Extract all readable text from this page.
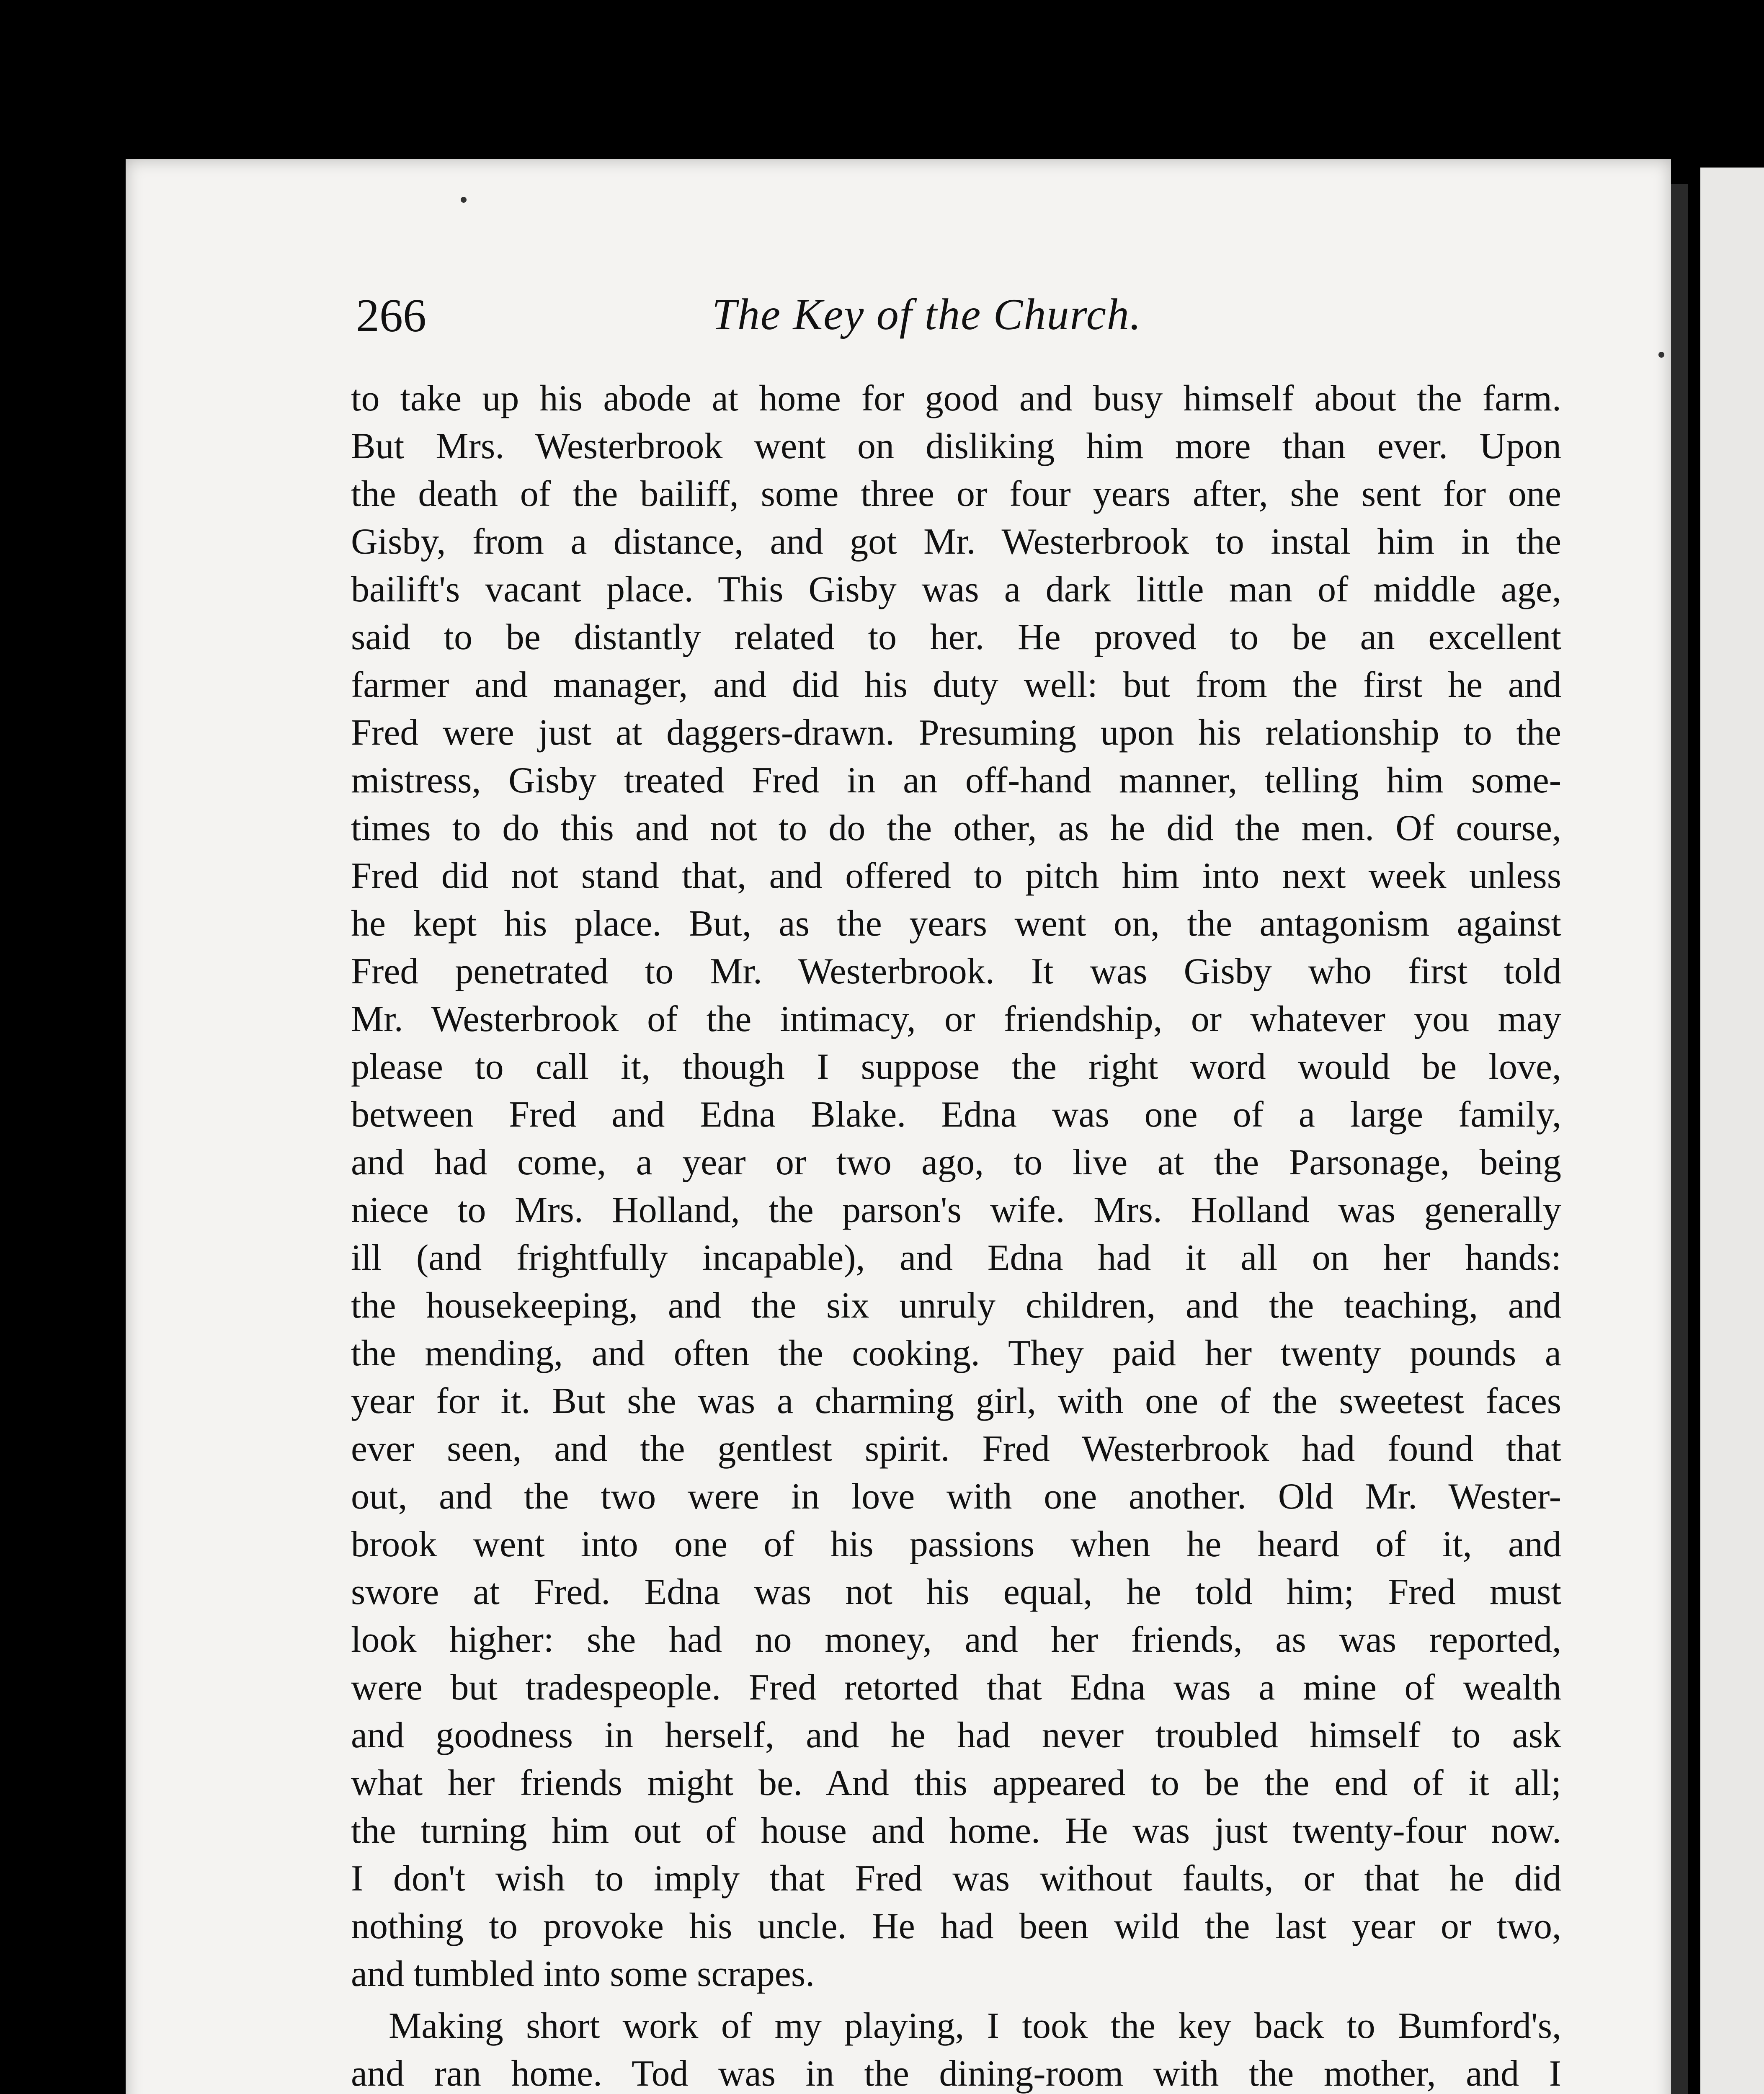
266	The Key of the Church.
to take up his abode at home for good and busy himself about the farm.
But Mrs. Westerbrook went on disliking him more than ever. Upon
the death of the bailiff, some three or four years after, she sent for one
Gisby, from a distance, and got Mr. Westerbrook to instal him in the
bailift's vacant place. This Gisby was a dark little man of middle age,
said to be distantly related to her. He proved to be an excellent
farmer and manager, and did his duty well: but from the first he and
Fred were just at daggers-drawn. Presuming upon his relationship to the
mistress, Gisby treated Fred in an off-hand manner, telling him some-
times to do this and not to do the other, as he did the men. Of course,
Fred did not stand that, and offered to pitch him into next week unless
he kept his place. But, as the years went on, the antagonism against
Fred penetrated to Mr. Westerbrook. It was Gisby who first told
Mr. Westerbrook of the intimacy, or friendship, or whatever you may
please to call it, though I suppose the right word would be love,
between Fred and Edna Blake. Edna was one of a large family,
and had come, a year or two ago, to live at the Parsonage, being
niece to Mrs. Holland, the parson's wife. Mrs. Holland was generally
ill (and frightfully incapable), and Edna had it all on her hands:
the housekeeping, and the six unruly children, and the teaching, and
the mending, and often the cooking. They paid her twenty pounds a
year for it. But she was a charming girl, with one of the sweetest faces
ever seen, and the gentlest spirit. Fred Westerbrook had found that
out, and the two were in love with one another. Old Mr. Wester-
brook went into one of his passions when he heard of it, and
swore at Fred. Edna was not his equal, he told him; Fred must
look higher: she had no money, and her friends, as was reported,
were but tradespeople. Fred retorted that Edna was a mine of wealth
and goodness in herself, and he had never troubled himself to ask
what her friends might be. And this appeared to be the end of it all;
the turning him out of house and home. He was just twenty-four now.
I don't wish to imply that Fred was without faults, or that he did
nothing to provoke his uncle. He had been wild the last year or two,
and tumbled into some scrapes.
Making short work of my playing, I took the key back to Bumford's,
and ran home. Tod was in the dining-room with the mother, and I
